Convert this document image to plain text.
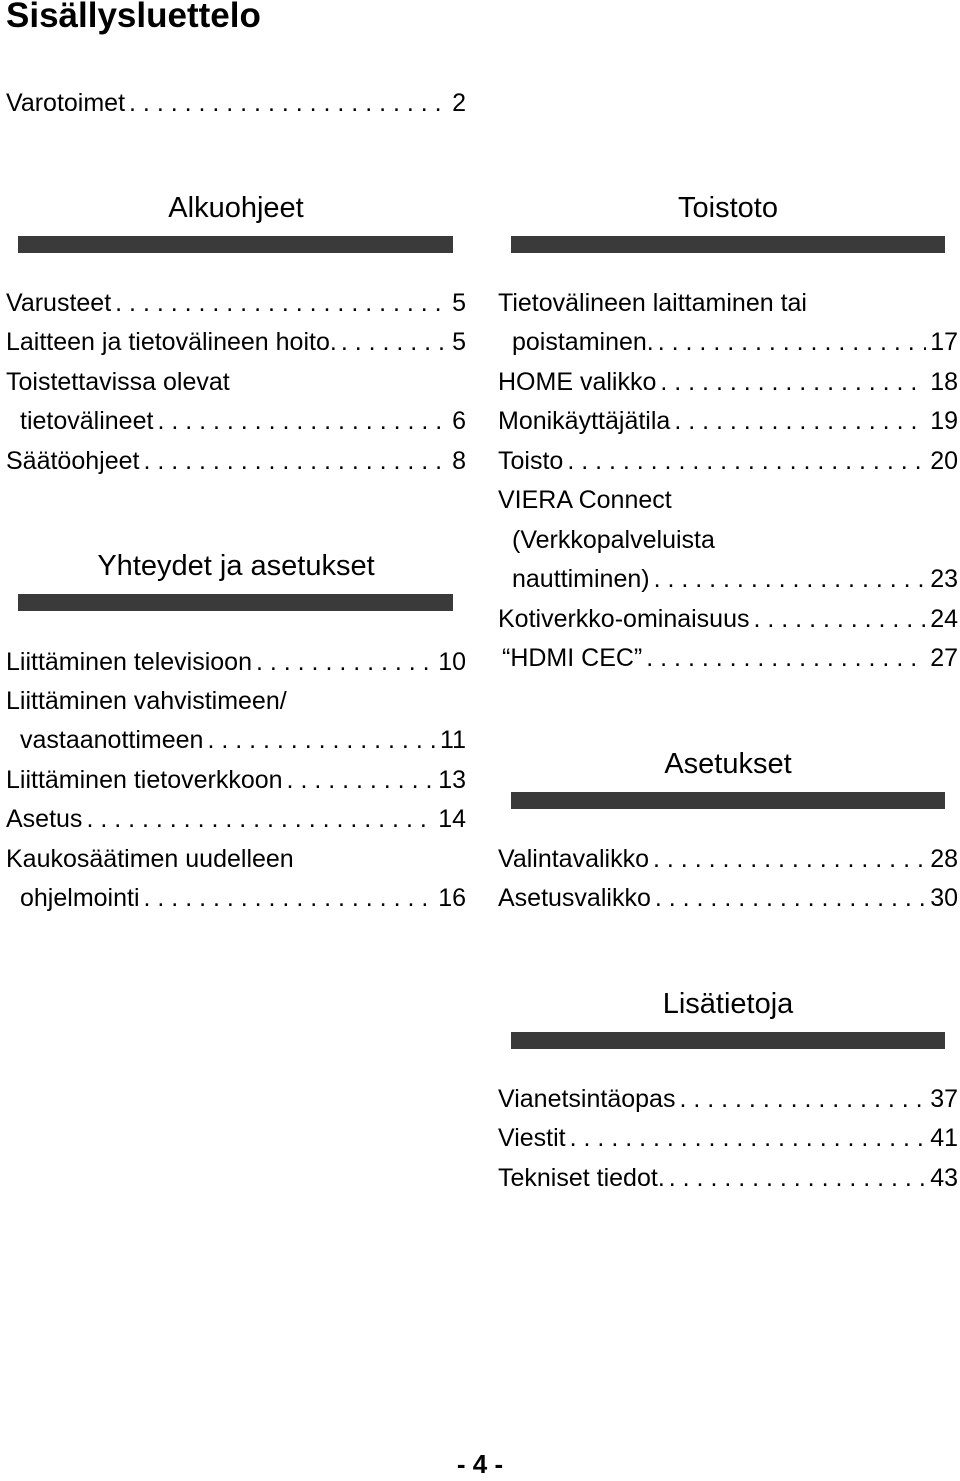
Sisällysluettelo
Varotoimet . . .	2
Alkuohjeet
Varusteet . . .	5
Laitteen ja tietovälineen hoito. . . .	5
Toistettavissa olevat
tietovälineet . . .	6
Säätöohjeet . . .	8
Yhteydet ja asetukset
Liittäminen televisioon . . .	10
Liittäminen vahvistimeen/
vastaanottimeen . . .	11
Liittäminen tietoverkkoon . . .	13
Asetus . . .	14
Kaukosäätimen uudelleen
ohjelmointi . . .	16
Toistoto
Tietovälineen laittaminen tai
poistaminen. . . .	17
HOME valikko . . .	18
Monikäyttäjätila . . .	19
Toisto . . .	20
VIERA Connect
(Verkkopalveluista
nauttiminen) . . .	23
Kotiverkko-ominaisuus . . .	24
“HDMI CEC” . . .	27
Asetukset
Valintavalikko . . .	28
Asetusvalikko . . .	30
Lisätietoja
Vianetsintäopas . . .	37
Viestit . . .	41
Tekniset tiedot. . . .	43
- 4 -
